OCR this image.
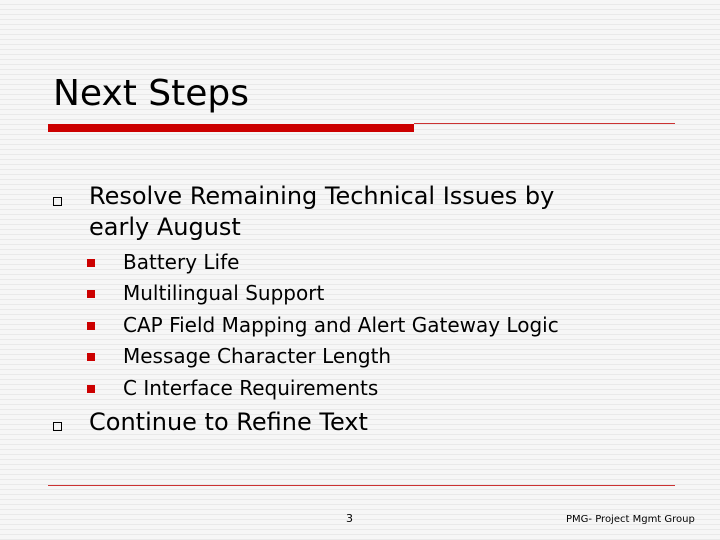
Next Steps
Resolve Remaining Technical Issues by
early August
Battery Life
Multilingual Support
CAP Field Mapping and Alert Gateway Logic
Message Character Length
C Interface Requirements
Continue to Refine Text
3	PMG- Project Mgmt Group
